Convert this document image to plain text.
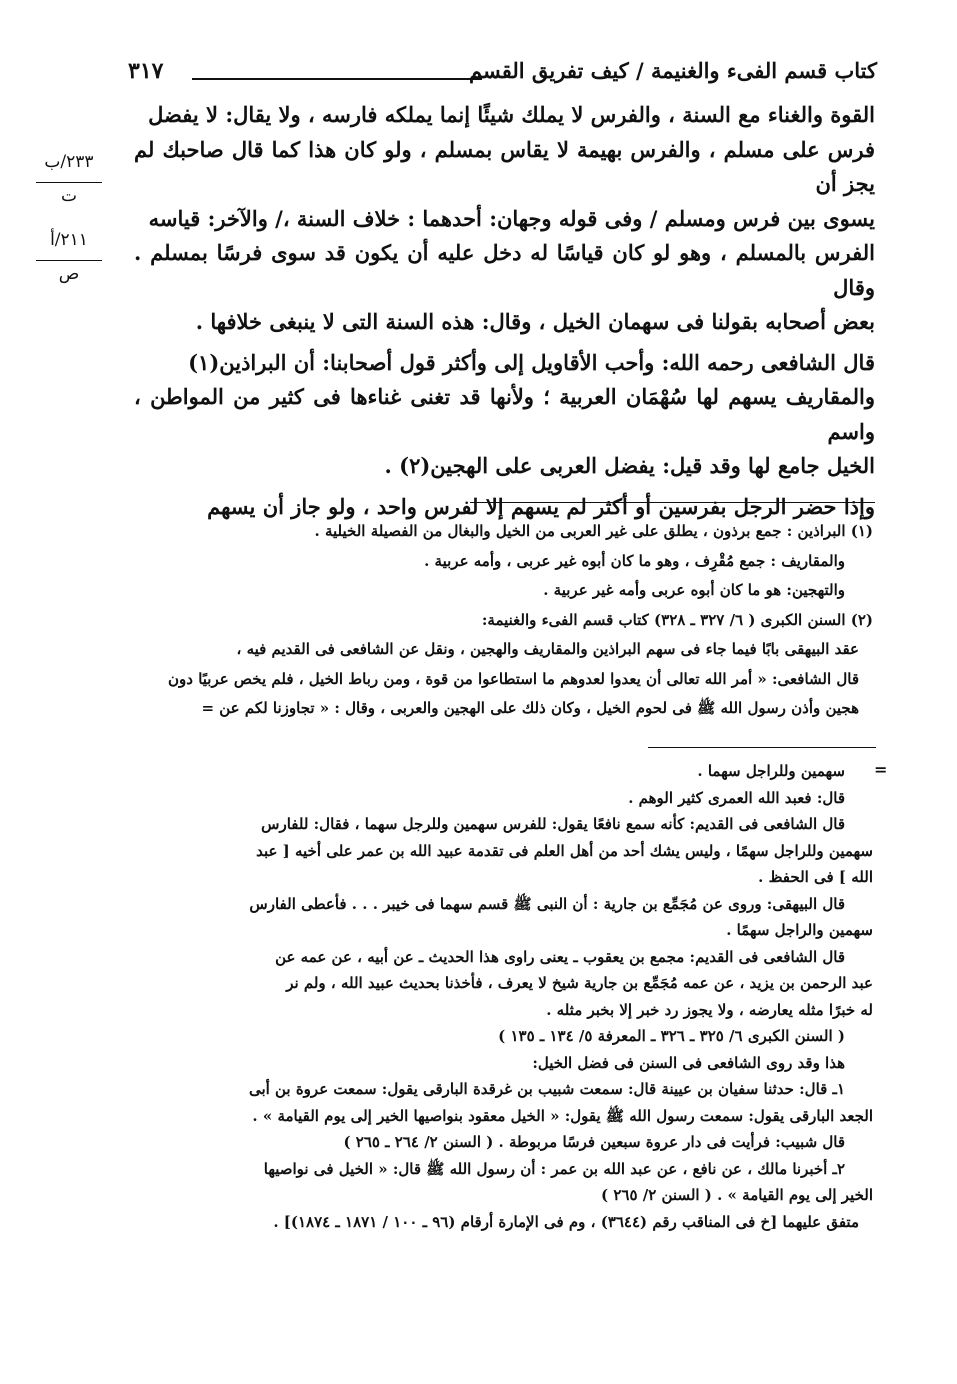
٣١٧	كتاب قسم الفىء والغنيمة / كيف تفريق القسم
٢٣٣/ب
ت
٢١١/أ
ص

القوة والغناء مع السنة ، والفرس لا يملك شيئًا إنما يملكه فارسه ، ولا يقال: لا يفضل

فرس على مسلم ، والفرس بهيمة لا يقاس بمسلم ، ولو كان هذا كما قال صاحبك لم يجز أن

يسوى بين فرس ومسلم / وفى قوله وجهان: أحدهما : خلاف السنة ،/ والآخر: قياسه

الفرس بالمسلم ، وهو لو كان قياسًا له دخل عليه أن يكون قد سوى فرسًا بمسلم . وقال

بعض أصحابه بقولنا فى سهمان الخيل ، وقال: هذه السنة التى لا ينبغى خلافها .

قال الشافعى رحمه الله: وأحب الأقاويل إلى وأكثر قول أصحابنا: أن البراذين(١)

والمقاريف يسهم لها سُهْمَان العربية ؛ ولأنها قد تغنى غناءها فى كثير من المواطن ، واسم

الخيل جامع لها وقد قيل: يفضل العربى على الهجين(٢) .

وإذا حضر الرجل بفرسين أو أكثر لم يسهم إلا لفرس واحد ، ولو جاز أن يسهم

(١) البراذين : جمع برذون ، يطلق على غير العربى من الخيل والبغال من الفصيلة الخيلية .

والمقاريف : جمع مُقْرِف ، وهو ما كان أبوه غير عربى ، وأمه عربية .

والتهجين: هو ما كان أبوه عربى وأمه غير عربية .

(٢) السنن الكبرى ( ٦/ ٣٢٧ ـ ٣٢٨) كتاب قسم الفىء والغنيمة:

عقد البيهقى بابًا فيما جاء فى سهم البراذين والمقاريف والهجين ، ونقل عن الشافعى فى القديم فيه ،

قال الشافعى: « أمر الله تعالى أن يعدوا لعدوهم ما استطاعوا من قوة ، ومن رباط الخيل ، فلم يخص عربيًا دون

هجين وأذن رسول الله ﷺ فى لحوم الخيل ، وكان ذلك على الهجين والعربى ، وقال : « تجاوزنا لكم عن =

=

سهمين وللراجل سهما .

قال: فعبد الله العمرى كثير الوهم .

قال الشافعى فى القديم: كأنه سمع نافعًا يقول: للفرس سهمين وللرجل سهما ، فقال: للفارس

سهمين وللراجل سهمًا ، وليس يشك أحد من أهل العلم فى تقدمة عبيد الله بن عمر على أخيه [ عبد

الله ] فى الحفظ .

قال البيهقى: وروى عن مُجَمِّع بن جارية : أن النبى ﷺ قسم سهما فى خيبر . . . فأعطى الفارس

سهمين والراجل سهمًا .

قال الشافعى فى القديم: مجمع بن يعقوب ـ يعنى راوى هذا الحديث ـ عن أبيه ، عن عمه عن

عبد الرحمن بن يزيد ، عن عمه مُجَمِّع بن جارية شيخ لا يعرف ، فأخذنا بحديث عبيد الله ، ولم نر

له خبرًا مثله يعارضه ، ولا يجوز رد خبر إلا بخبر مثله .

( السنن الكبرى ٦/ ٣٢٥ ـ ٣٢٦ ـ المعرفة ٥/ ١٣٤ ـ ١٣٥ )

هذا وقد روى الشافعى فى السنن فى فضل الخيل:

١ـ قال: حدثنا سفيان بن عيينة قال: سمعت شبيب بن غرقدة البارقى يقول: سمعت عروة بن أبى

الجعد البارقى يقول: سمعت رسول الله ﷺ يقول: « الخيل معقود بنواصيها الخير إلى يوم القيامة » .

قال شبيب: فرأيت فى دار عروة سبعين فرسًا مربوطة . ( السنن ٢/ ٢٦٤ ـ ٢٦٥ )

٢ـ أخبرنا مالك ، عن نافع ، عن عبد الله بن عمر : أن رسول الله ﷺ قال: « الخيل فى نواصيها

الخير إلى يوم القيامة » . ( السنن ٢/ ٢٦٥ )

متفق عليهما [خ فى المناقب رقم (٣٦٤٤) ، وم فى الإمارة أرقام (٩٦ ـ ١٠٠ / ١٨٧١ ـ ١٨٧٤)] .
